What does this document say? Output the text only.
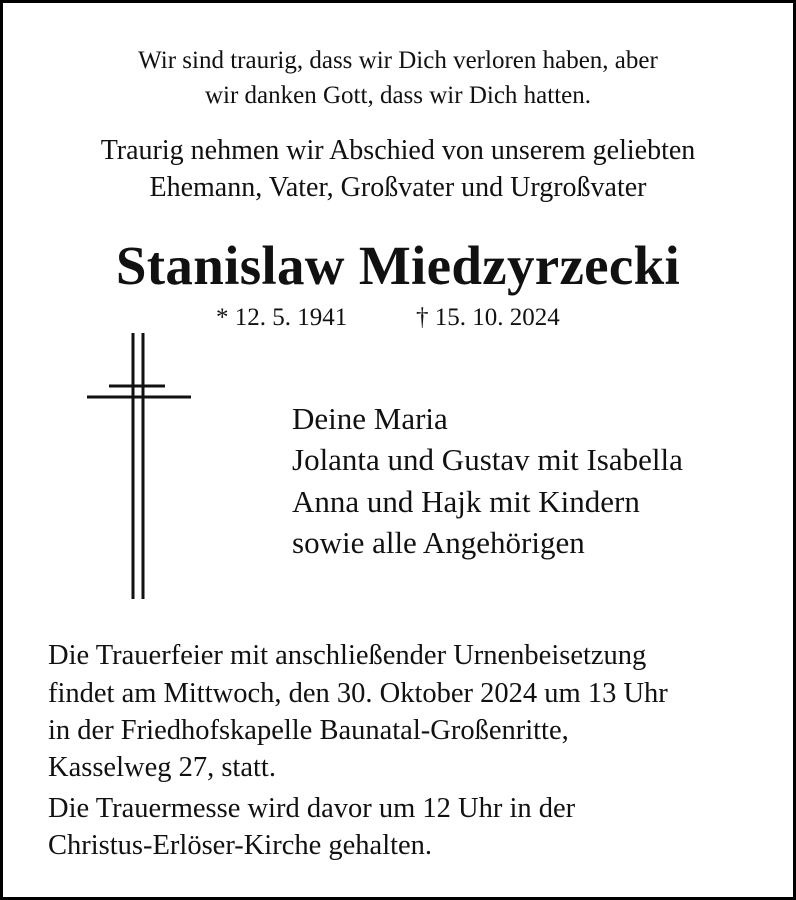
Wir sind traurig, dass wir Dich verloren haben, aber
wir danken Gott, dass wir Dich hatten.
Traurig nehmen wir Abschied von unserem geliebten
Ehemann, Vater, Großvater und Urgroßvater
Stanislaw Miedzyrzecki
* 12. 5. 1941	† 15. 10. 2024
Deine Maria
Jolanta und Gustav mit Isabella
Anna und Hajk mit Kindern
sowie alle Angehörigen
Die Trauerfeier mit anschließender Urnenbeisetzung
findet am Mittwoch, den 30. Oktober 2024 um 13 Uhr
in der Friedhofskapelle Baunatal-Großenritte,
Kasselweg 27, statt.
Die Trauermesse wird davor um 12 Uhr in der
Christus-Erlöser-Kirche gehalten.
